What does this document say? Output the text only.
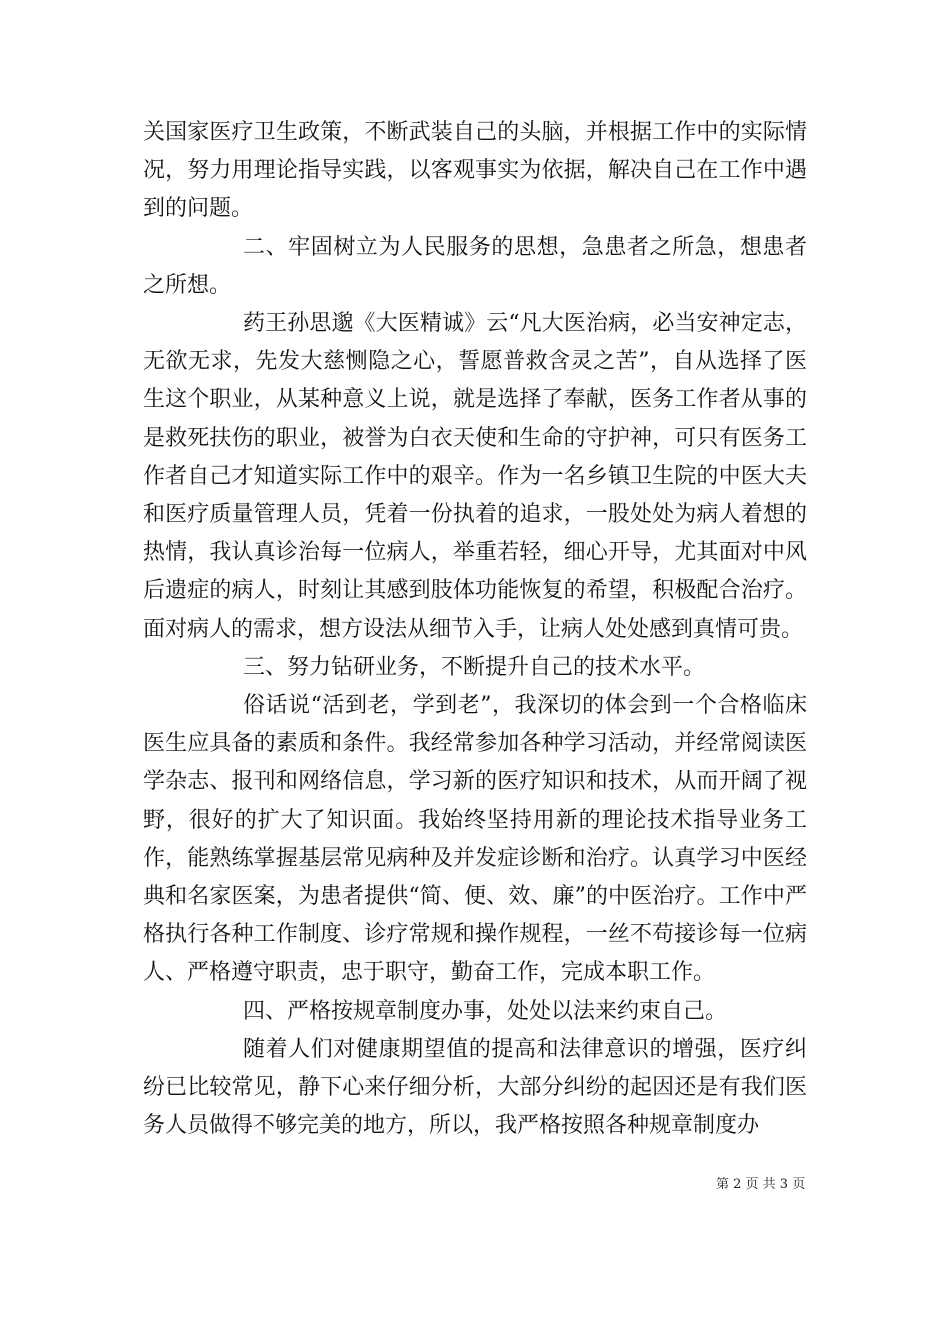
关国家医疗卫生政策，不断武装自己的头脑，并根据工作中的实际情况，努力用理论指导实践，以客观事实为依据，解决自己在工作中遇到的问题。

二、牢固树立为人民服务的思想，急患者之所急，想患者之所想。

药王孙思邈《大医精诚》云“凡大医治病，必当安神定志，无欲无求，先发大慈恻隐之心，誓愿普救含灵之苦”，自从选择了医生这个职业，从某种意义上说，就是选择了奉献，医务工作者从事的是救死扶伤的职业，被誉为白衣天使和生命的守护神，可只有医务工作者自己才知道实际工作中的艰辛。作为一名乡镇卫生院的中医大夫和医疗质量管理人员，凭着一份执着的追求，一股处处为病人着想的热情，我认真诊治每一位病人，举重若轻，细心开导，尤其面对中风后遗症的病人，时刻让其感到肢体功能恢复的希望，积极配合治疗。面对病人的需求，想方设法从细节入手，让病人处处感到真情可贵。

三、努力钻研业务，不断提升自己的技术水平。

俗话说“活到老，学到老”，我深切的体会到一个合格临床医生应具备的素质和条件。我经常参加各种学习活动，并经常阅读医学杂志、报刊和网络信息，学习新的医疗知识和技术，从而开阔了视野，很好的扩大了知识面。我始终坚持用新的理论技术指导业务工作，能熟练掌握基层常见病种及并发症诊断和治疗。认真学习中医经典和名家医案，为患者提供“简、便、效、廉”的中医治疗。工作中严格执行各种工作制度、诊疗常规和操作规程，一丝不苟接诊每一位病人、严格遵守职责，忠于职守，勤奋工作，完成本职工作。

四、严格按规章制度办事，处处以法来约束自己。

随着人们对健康期望值的提高和法律意识的增强，医疗纠纷已比较常见，静下心来仔细分析，大部分纠纷的起因还是有我们医务人员做得不够完美的地方，所以，我严格按照各种规章制度办

第 2 页 共 3 页
